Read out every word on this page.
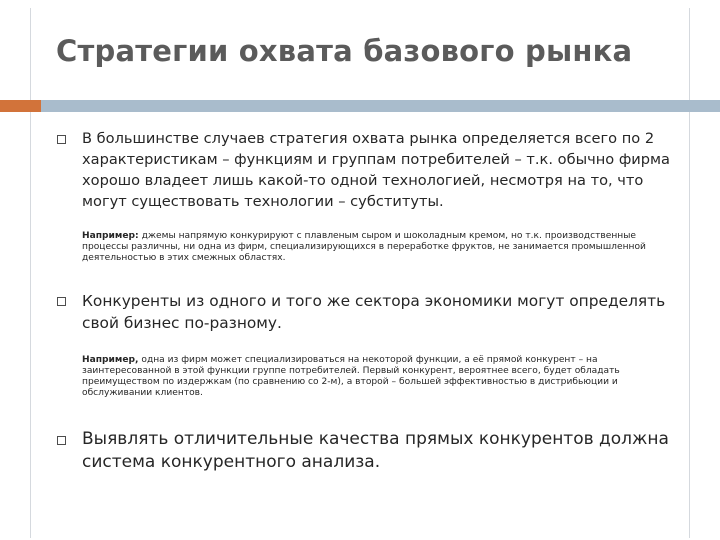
Стратегии охвата базового рынка
В большинстве случаев стратегия охвата рынка определяется всего по 2 характеристикам – функциям и группам потребителей – т.к. обычно фирма хорошо владеет лишь какой-то одной технологией, несмотря на то, что могут существовать технологии – субституты.
Например: джемы напрямую конкурируют с плавленым сыром и шоколадным кремом, но т.к. производственные процессы различны, ни одна из фирм, специализирующихся в переработке фруктов, не занимается промышленной деятельностью в этих смежных областях.
Конкуренты из одного и того же сектора экономики могут определять свой бизнес по-разному.
Например, одна из фирм может специализироваться на некоторой функции, а её прямой конкурент – на заинтересованной в этой функции группе потребителей. Первый конкурент, вероятнее всего, будет обладать преимуществом по издержкам (по сравнению со 2-м), а второй – большей эффективностью в дистрибьюции и обслуживании клиентов.
Выявлять отличительные качества прямых конкурентов должна система конкурентного анализа.
